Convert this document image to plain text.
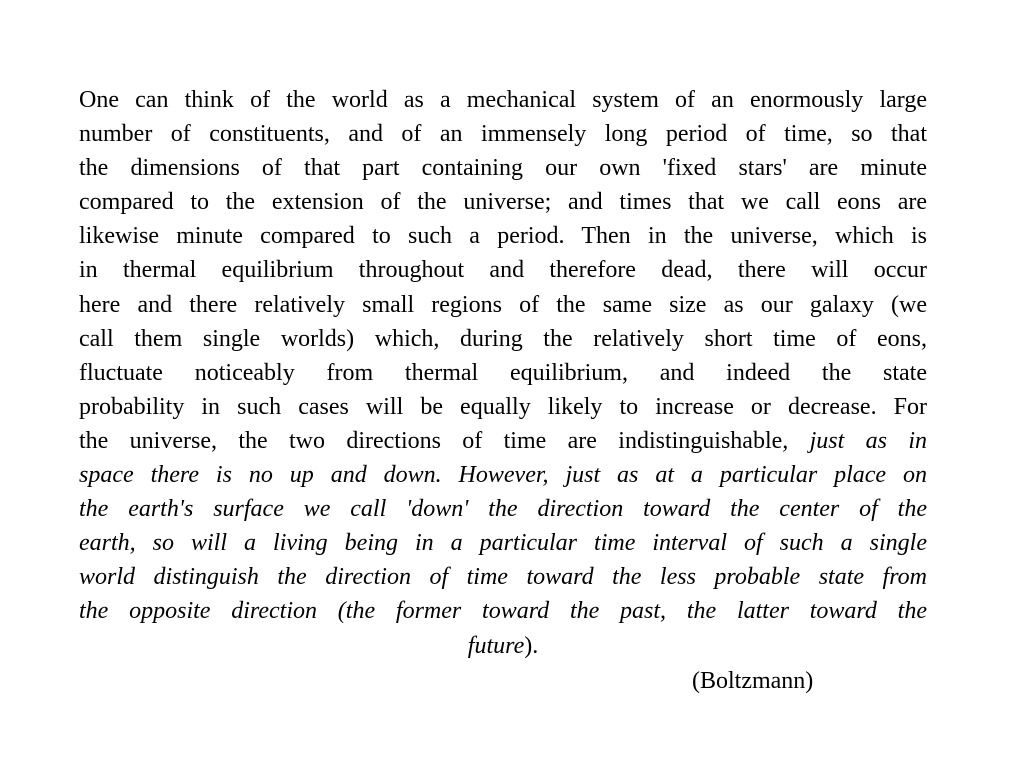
One can think of the world as a mechanical system of an enormously large
number of constituents, and of an immensely long period of time, so that
the dimensions of that part containing our own 'fixed stars' are minute
compared to the extension of the universe; and times that we call eons are
likewise minute compared to such a period. Then in the universe, which is
in thermal equilibrium throughout and therefore dead, there will occur
here and there relatively small regions of the same size as our galaxy (we
call them single worlds) which, during the relatively short time of eons,
fluctuate noticeably from thermal equilibrium, and indeed the state
probability in such cases will be equally likely to increase or decrease. For
the universe, the two directions of time are indistinguishable, just as in
space there is no up and down. However, just as at a particular place on
the earth's surface we call 'down' the direction toward the center of the
earth, so will a living being in a particular time interval of such a single
world distinguish the direction of time toward the less probable state from
the opposite direction (the former toward the past, the latter toward the
future).
(Boltzmann)
